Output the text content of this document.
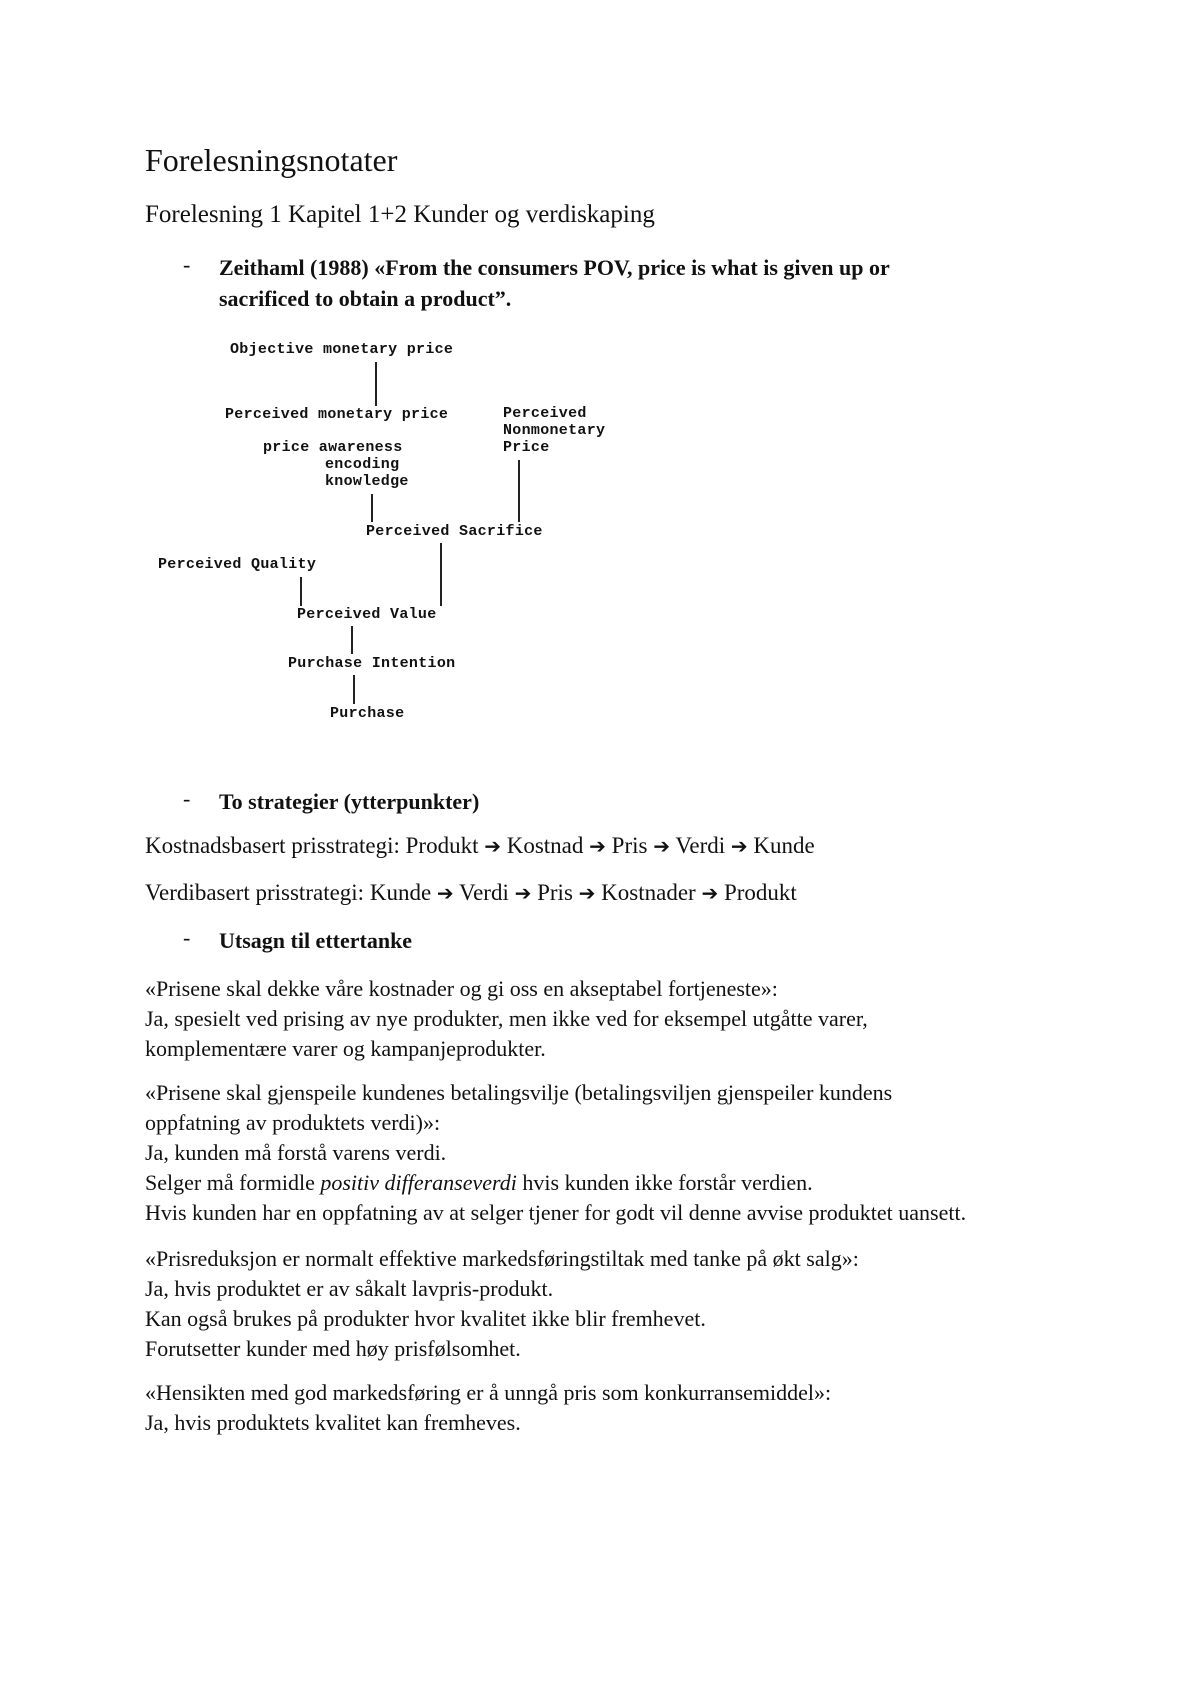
Forelesningsnotater
Forelesning 1 Kapitel 1+2 Kunder og verdiskaping
- Zeithaml (1988) «From the consumers POV, price is what is given up or
sacrificed to obtain a product”.
Objective monetary price
Perceived monetary price
price awareness
encoding
knowledge
Perceived
Nonmonetary
Price
Perceived Sacrifice
Perceived Quality
Perceived Value
Purchase Intention
Purchase
- To strategier (ytterpunkter)
Kostnadsbasert prisstrategi: Produkt ➔ Kostnad ➔ Pris ➔ Verdi ➔ Kunde
Verdibasert prisstrategi: Kunde ➔ Verdi ➔ Pris ➔ Kostnader ➔ Produkt
- Utsagn til ettertanke
«Prisene skal dekke våre kostnader og gi oss en akseptabel fortjeneste»:
Ja, spesielt ved prising av nye produkter, men ikke ved for eksempel utgåtte varer,
komplementære varer og kampanjeprodukter.
«Prisene skal gjenspeile kundenes betalingsvilje (betalingsviljen gjenspeiler kundens
oppfatning av produktets verdi)»:
Ja, kunden må forstå varens verdi.
Selger må formidle positiv differanseverdi hvis kunden ikke forstår verdien.
Hvis kunden har en oppfatning av at selger tjener for godt vil denne avvise produktet uansett.
«Prisreduksjon er normalt effektive markedsføringstiltak med tanke på økt salg»:
Ja, hvis produktet er av såkalt lavpris-produkt.
Kan også brukes på produkter hvor kvalitet ikke blir fremhevet.
Forutsetter kunder med høy prisfølsomhet.
«Hensikten med god markedsføring er å unngå pris som konkurransemiddel»:
Ja, hvis produktets kvalitet kan fremheves.
